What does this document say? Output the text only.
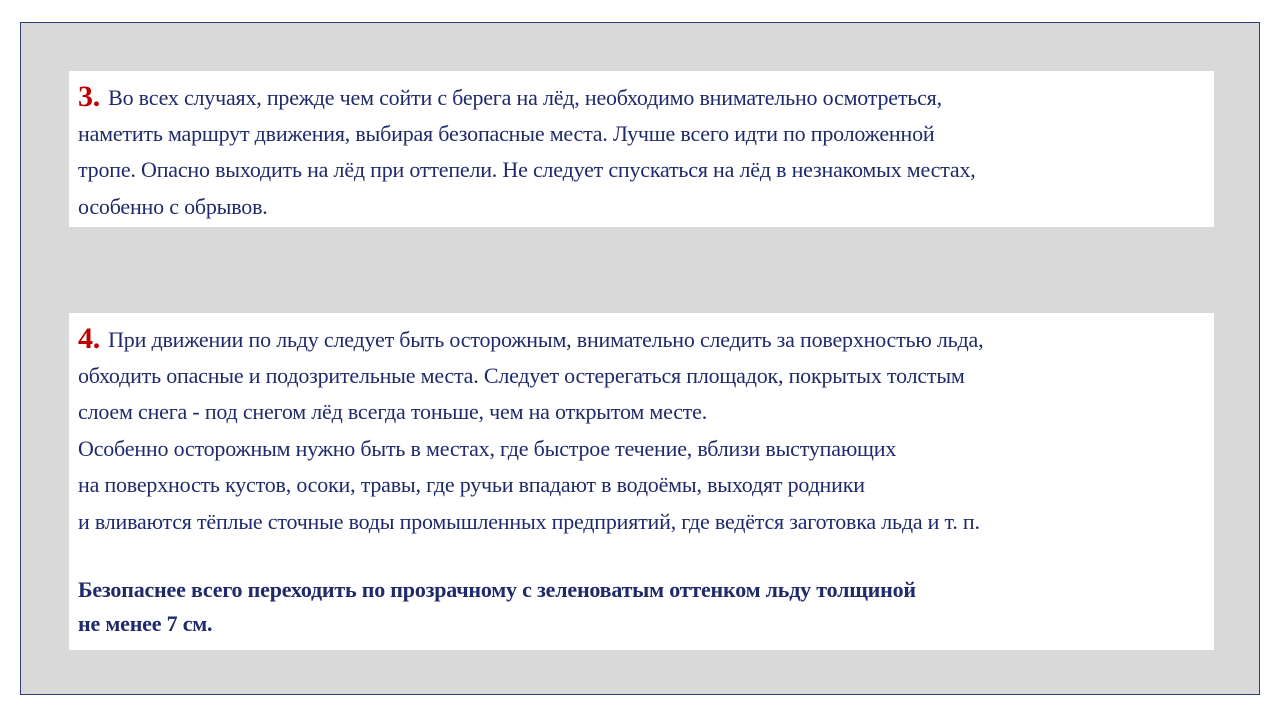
3. Во всех случаях, прежде чем сойти с берега на лёд, необходимо внимательно осмотреться,
наметить маршрут движения, выбирая безопасные места. Лучше всего идти по проложенной
тропе. Опасно выходить на лёд при оттепели. Не следует спускаться на лёд в незнакомых местах,
особенно с обрывов.
4. При движении по льду следует быть осторожным, внимательно следить за поверхностью льда,
обходить опасные и подозрительные места. Следует остерегаться площадок, покрытых толстым
слоем снега - под снегом лёд всегда тоньше, чем на открытом месте.
Особенно осторожным нужно быть в местах, где быстрое течение, вблизи выступающих
на поверхность кустов, осоки, травы, где ручьи впадают в водоёмы, выходят родники
и вливаются тёплые сточные воды промышленных предприятий, где ведётся заготовка льда и т. п.
Безопаснее всего переходить по прозрачному с зеленоватым оттенком льду толщиной
не менее 7 см.
